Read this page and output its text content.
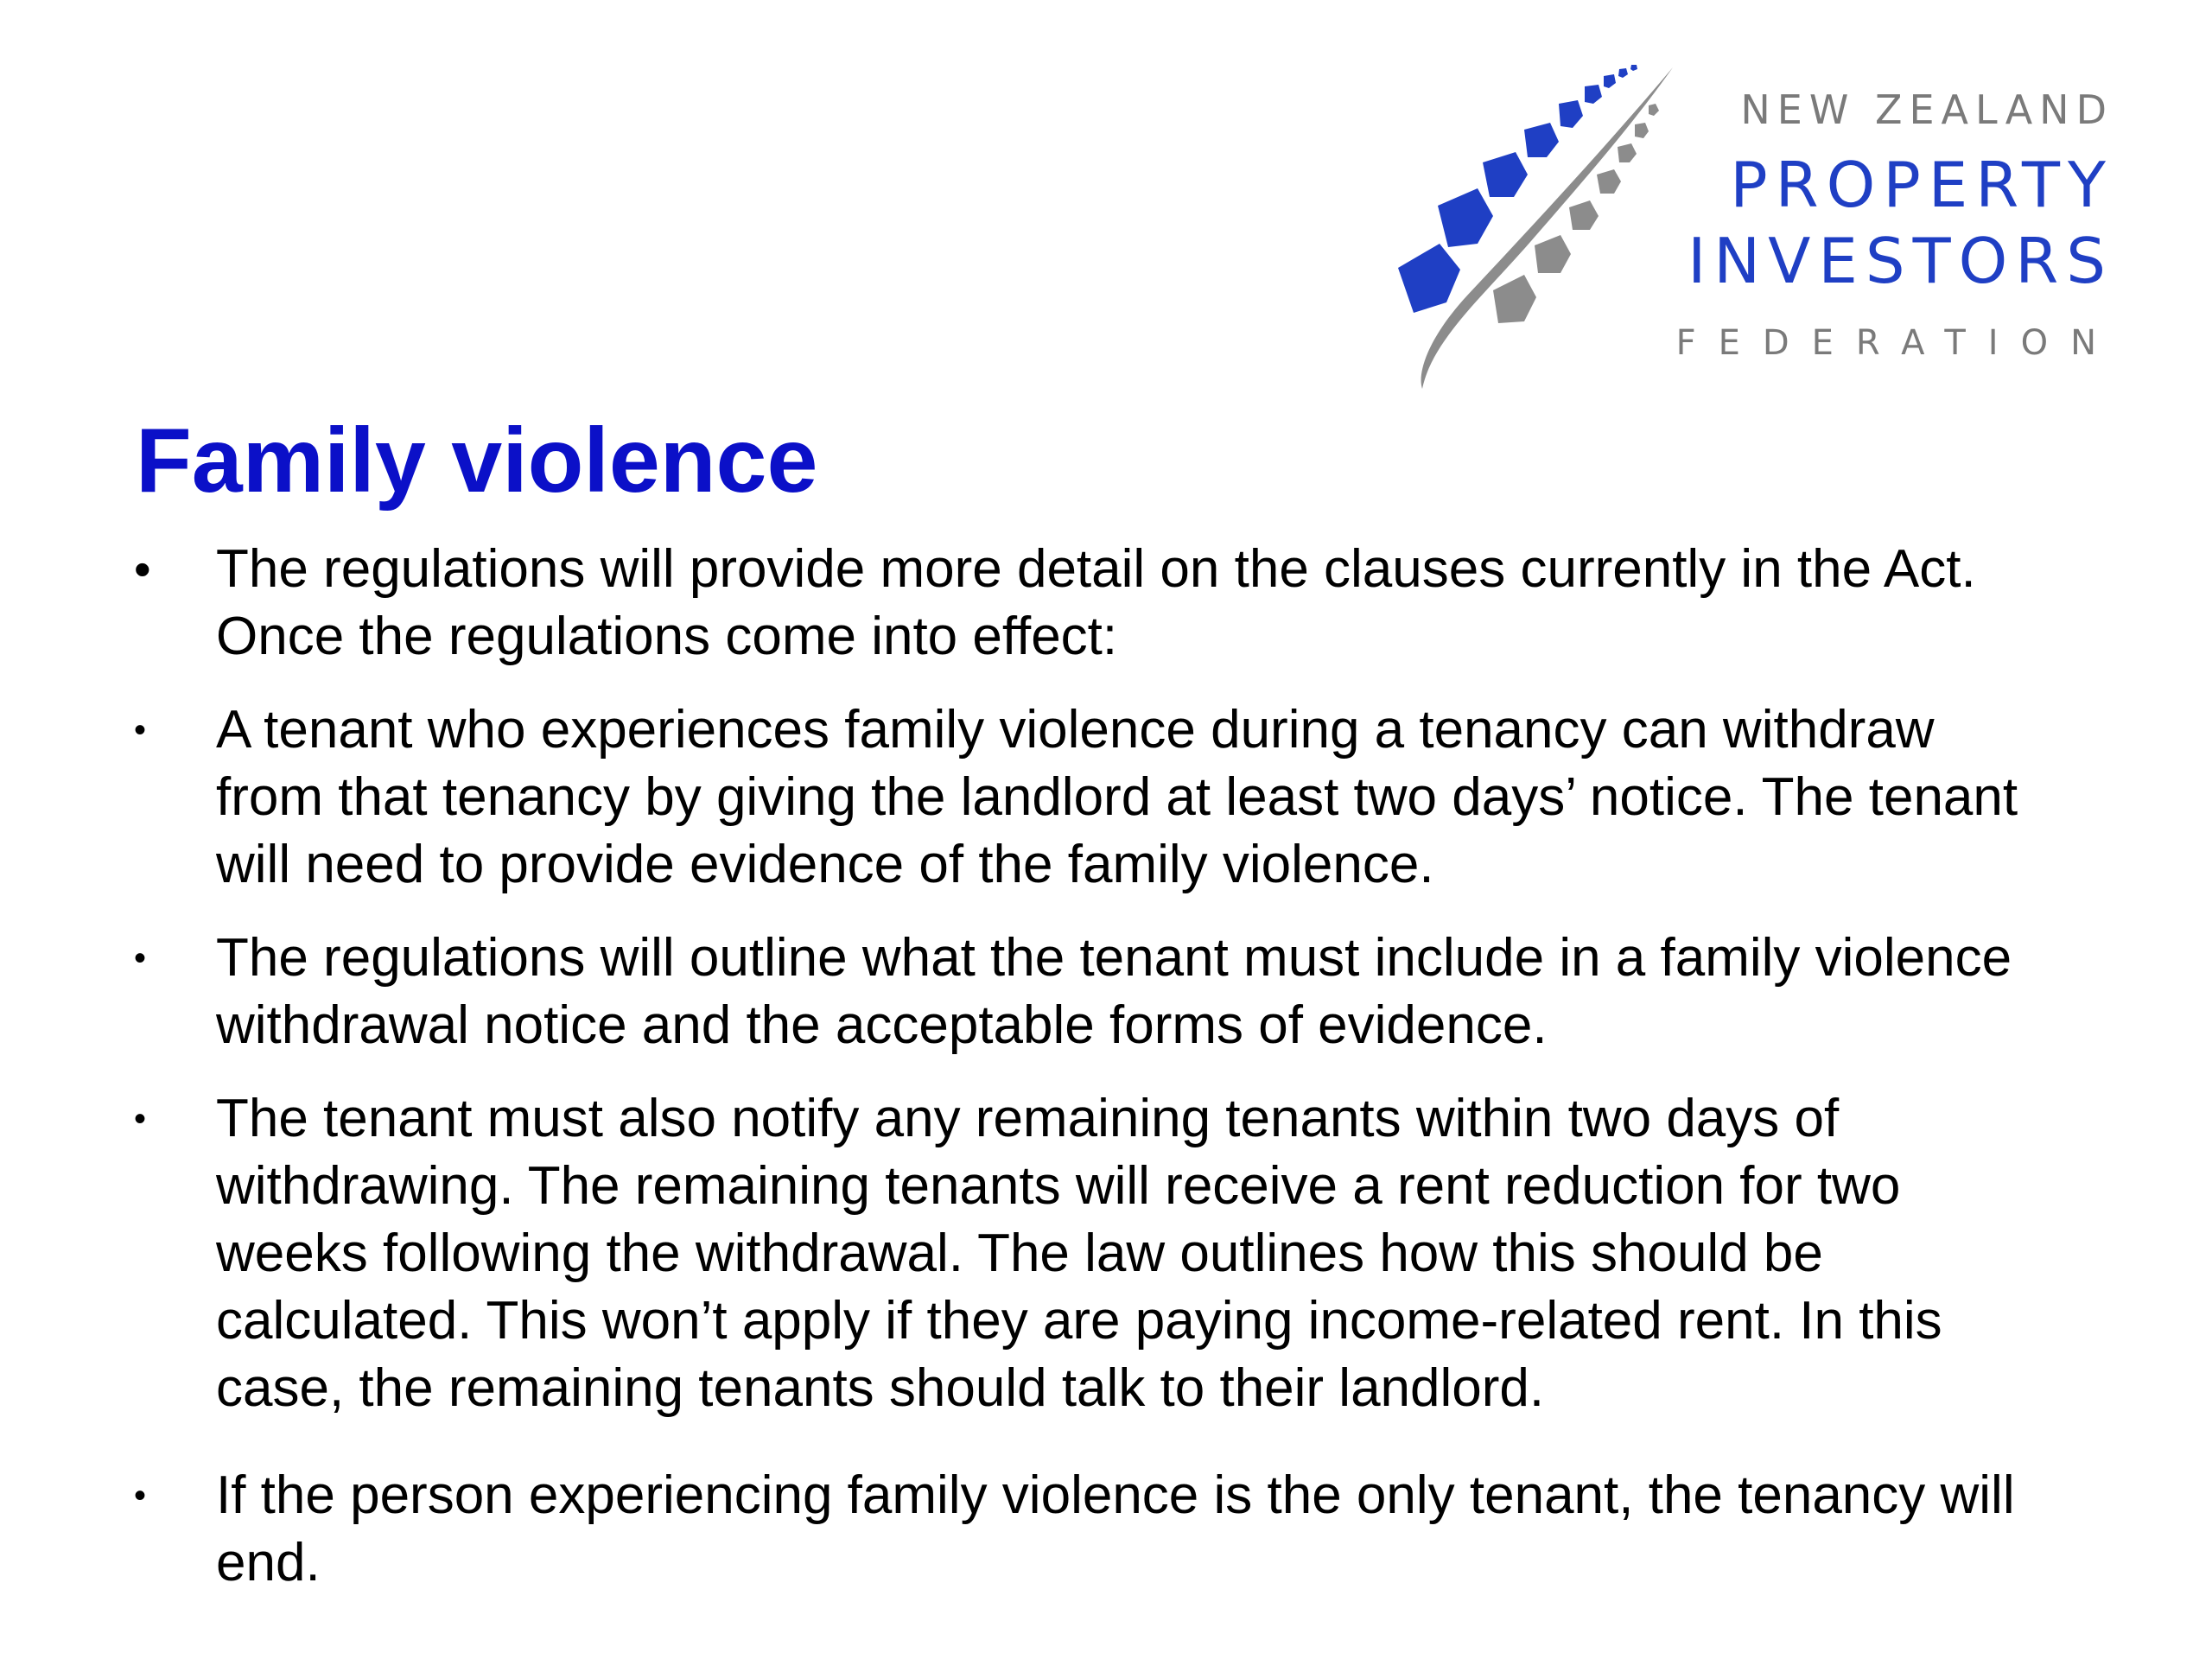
NEW ZEALAND
PROPERTY
INVESTORS
FEDERATION
Family violence
• The regulations will provide more detail on the clauses currently in the Act.
Once the regulations come into effect:
• A tenant who experiences family violence during a tenancy can withdraw
from that tenancy by giving the landlord at least two days’ notice. The tenant
will need to provide evidence of the family violence.
• The regulations will outline what the tenant must include in a family violence
withdrawal notice and the acceptable forms of evidence.
• The tenant must also notify any remaining tenants within two days of
withdrawing. The remaining tenants will receive a rent reduction for two
weeks following the withdrawal. The law outlines how this should be
calculated. This won’t apply if they are paying income-related rent. In this
case, the remaining tenants should talk to their landlord.
• If the person experiencing family violence is the only tenant, the tenancy will
end.
